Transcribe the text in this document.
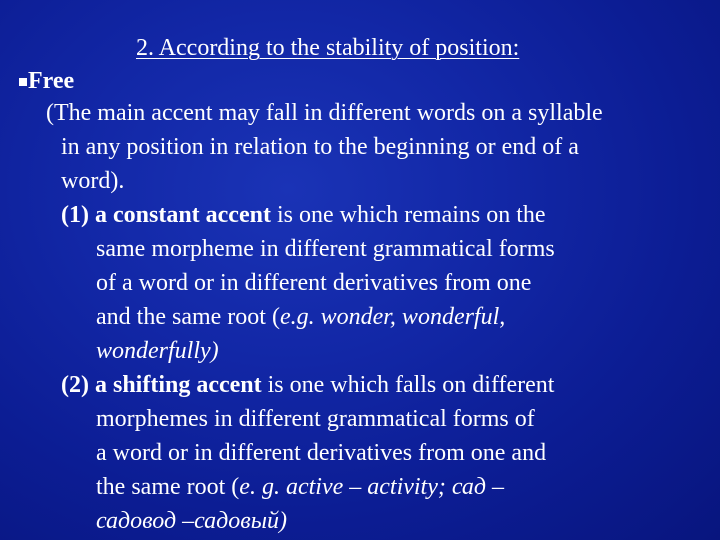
2. According to the stability of position:
Free
(The main accent may fall in different words on a syllable
in any position in relation to the beginning or end of a
word).
(1) a constant accent is one which remains on the
same morpheme in different grammatical forms
of a word or in different derivatives from one
and the same root (e.g. wonder, wonderful,
wonderfully)
(2) a shifting accent is one which falls on different
morphemes in different grammatical forms of
a word or in different derivatives from one and
the same root (e. g. active – activity; сад –
садовод –садовый)
